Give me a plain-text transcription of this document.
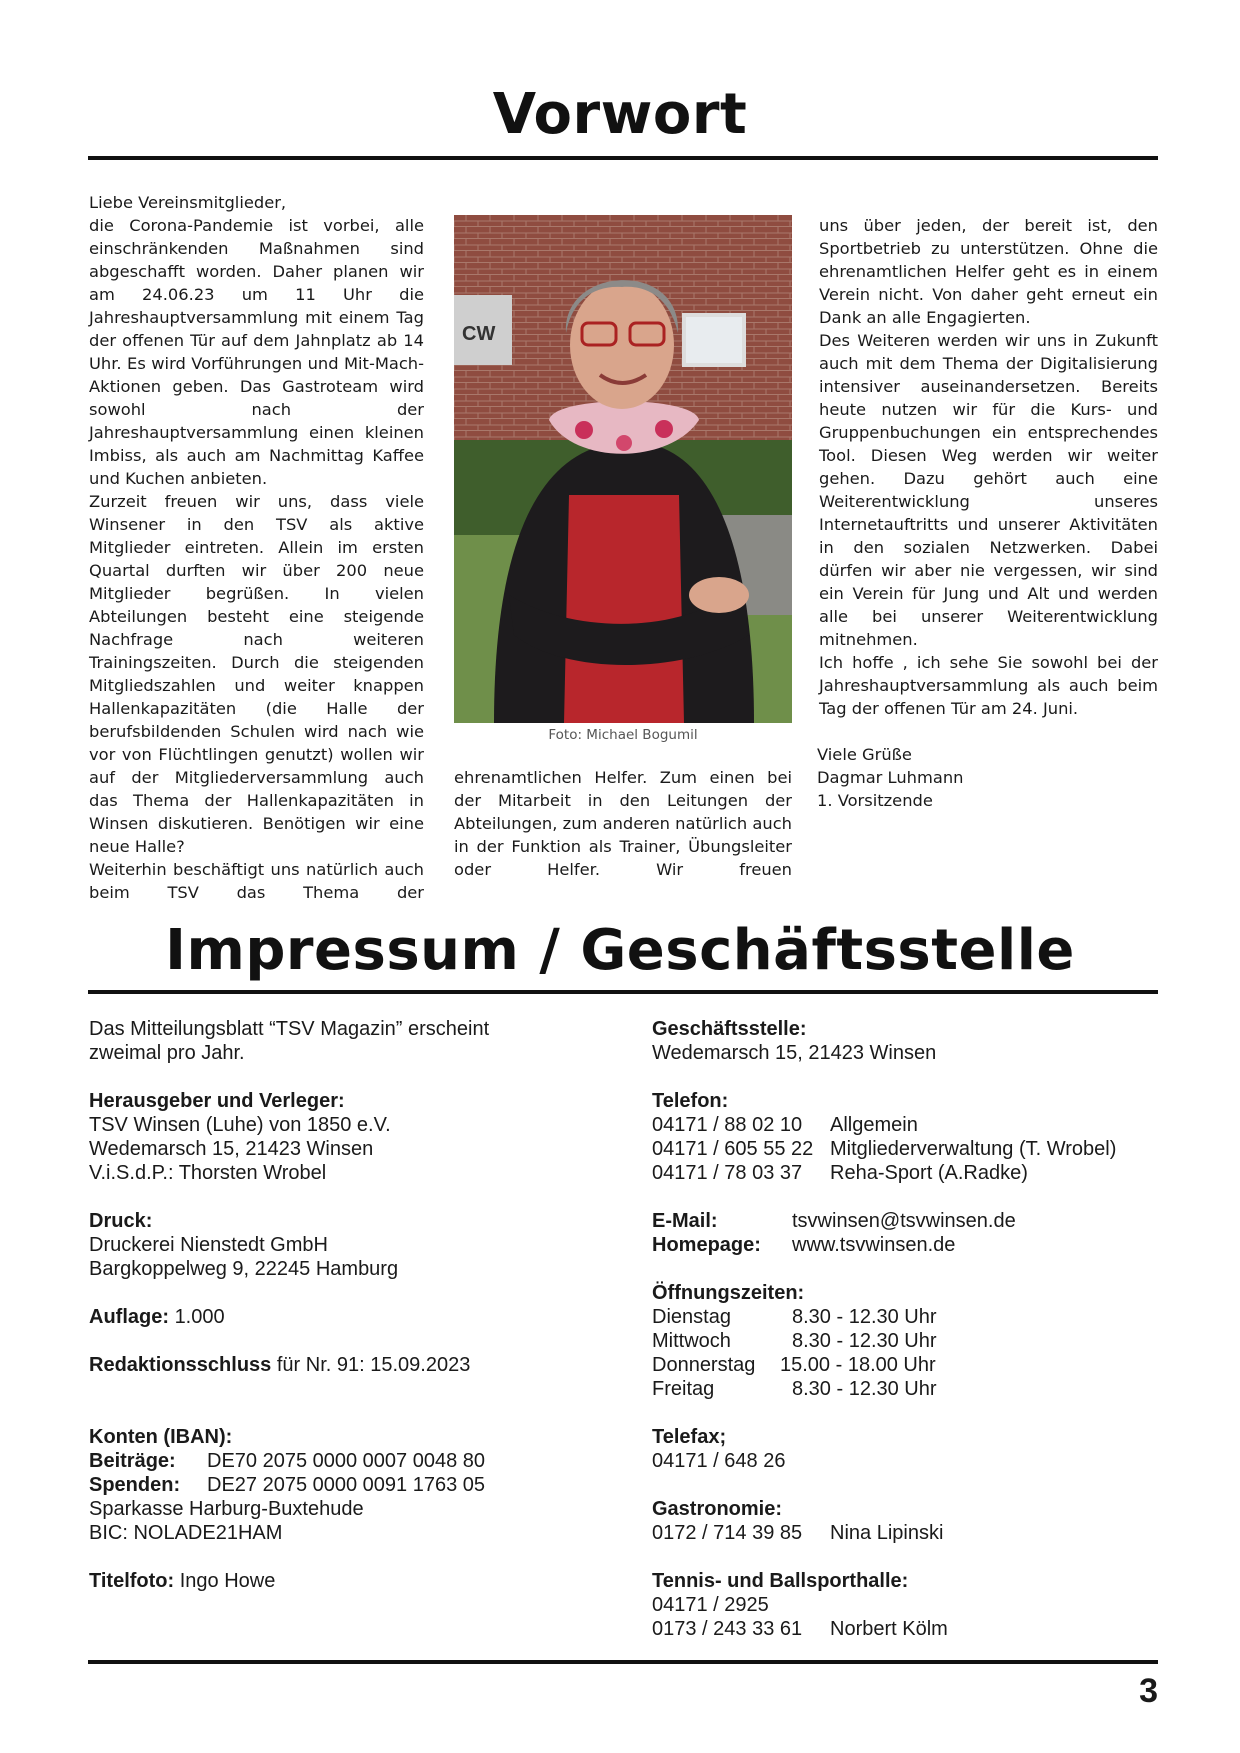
Vorwort

Liebe Vereinsmitglieder,

die Corona-Pandemie ist vorbei, alle einschränkenden Maßnahmen sind abgeschafft worden. Daher planen wir am 24.06.23 um 11 Uhr die Jahreshauptversammlung mit einem Tag der offenen Tür auf dem Jahnplatz ab 14 Uhr. Es wird Vorführungen und Mit-Mach-Aktionen geben. Das Gastroteam wird sowohl nach der Jahreshauptversammlung einen kleinen Imbiss, als auch am Nachmittag Kaffee und Kuchen anbieten.

Zurzeit freuen wir uns, dass viele Winsener in den TSV als aktive Mitglieder eintreten. Allein im ersten Quartal durften wir über 200 neue Mitglieder begrüßen. In vielen Abteilungen besteht eine steigende Nachfrage nach weiteren Trainingszeiten. Durch die steigenden Mitgliedszahlen und weiter knappen Hallenkapazitäten (die Halle der berufsbildenden Schulen wird nach wie vor von Flüchtlingen genutzt) wollen wir auf der Mitgliederversammlung auch das Thema der Hallenkapazitäten in Winsen diskutieren. Benötigen wir eine neue Halle?

Weiterhin beschäftigt uns natürlich auch beim TSV das Thema der

CW
Foto: Michael Bogumil

ehrenamtlichen Helfer. Zum einen bei der Mitarbeit in den Leitungen der Abteilungen, zum anderen natürlich auch in der Funktion als Trainer, Übungsleiter oder Helfer. Wir freuen

uns über jeden, der bereit ist, den Sportbetrieb zu unterstützen. Ohne die ehrenamtlichen Helfer geht es in einem Verein nicht. Von daher geht erneut ein Dank an alle Engagierten.

Des Weiteren werden wir uns in Zukunft auch mit dem Thema der Digitalisierung intensiver auseinandersetzen. Bereits heute nutzen wir für die Kurs- und Gruppenbuchungen ein entsprechendes Tool. Diesen Weg werden wir weiter gehen. Dazu gehört auch eine Weiterentwicklung unseres Internetauftritts und unserer Aktivitäten in den sozialen Netzwerken. Dabei dürfen wir aber nie vergessen, wir sind ein Verein für Jung und Alt und werden alle bei unserer Weiterentwicklung mitnehmen.

Ich hoffe , ich sehe Sie sowohl bei der Jahreshauptversammlung als auch beim Tag der offenen Tür am 24. Juni.

Viele Grüße

Dagmar Luhmann

1. Vorsitzende

Impressum / Geschäftsstelle
Das Mitteilungsblatt “TSV Magazin” erscheint
zweimal pro Jahr.
Herausgeber und Verleger:
TSV Winsen (Luhe) von 1850 e.V.
Wedemarsch 15, 21423 Winsen
V.i.S.d.P.: Thorsten Wrobel
Druck:
Druckerei Nienstedt GmbH
Bargkoppelweg 9, 22245 Hamburg
Auflage: 1.000
Redaktionsschluss für Nr. 91: 15.09.2023
Konten (IBAN):
Beiträge: DE70 2075 0000 0007 0048 80
Spenden: DE27 2075 0000 0091 1763 05
Sparkasse Harburg-Buxtehude
BIC: NOLADE21HAM
Titelfoto: Ingo Howe
Geschäftsstelle:
Wedemarsch 15, 21423 Winsen
Telefon:
04171 / 88 02 10 Allgemein
04171 / 605 55 22 Mitgliederverwaltung (T. Wrobel)
04171 / 78 03 37 Reha-Sport (A.Radke)
E-Mail:	tsvwinsen@tsvwinsen.de
Homepage: www.tsvwinsen.de
Öffnungszeiten:
Dienstag	8.30 - 12.30 Uhr
Mittwoch	8.30 - 12.30 Uhr
Donnerstag 15.00 - 18.00 Uhr
Freitag	8.30 - 12.30 Uhr
Telefax;
04171 / 648 26
Gastronomie:
0172 / 714 39 85 Nina Lipinski
Tennis- und Ballsporthalle:
04171 / 2925
0173 / 243 33 61 Norbert Kölm
3
